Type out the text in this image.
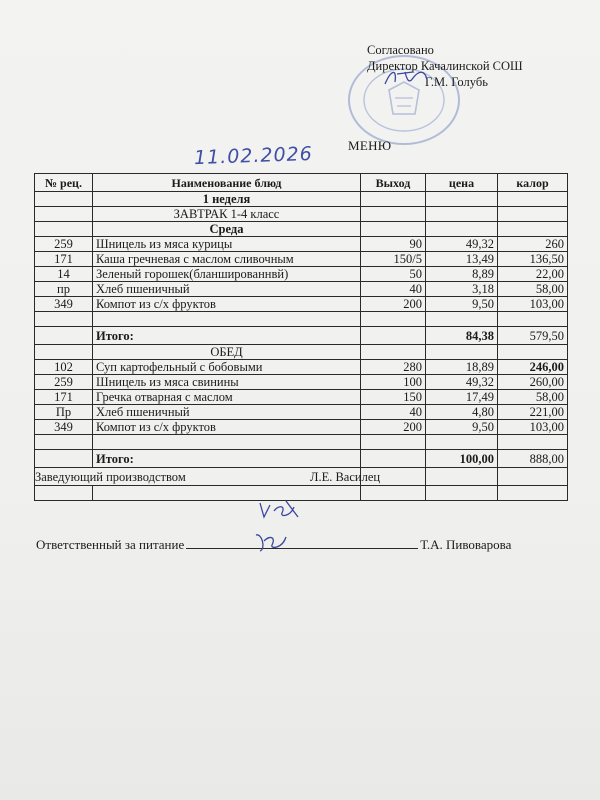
Согласовано
Директор Качалинской СОШ
Г.М. Голубь
МЕНЮ
11.02.2026
№ рец.	Наименование блюд	Выход	цена	калор
	1 неделя			
	ЗАВТРАК 1-4 класс			
	Среда			
259	Шницель из мяса курицы	90	49,32	260
171	Каша гречневая с маслом сливочным	150/5	13,49	136,50
14	Зеленый горошек(бланшированнвй)	50	8,89	22,00
пр	Хлеб пшеничный	40	3,18	58,00
349	Компот из с/х фруктов	200	9,50	103,00

	Итого:		84,38	579,50
	ОБЕД			
102	Суп картофельный с бобовыми	280	18,89	246,00
259	Шницель из мяса свинины	100	49,32	260,00
171	Гречка отварная с маслом	150	17,49	58,00
Пр	Хлеб пшеничный	40	4,80	221,00
349	Компот из с/х фруктов	200	9,50	103,00

	Итого:		100,00	888,00
Заведующий производством Л.Е. Василец				

Ответственный за питание	Т.А. Пивоварова
